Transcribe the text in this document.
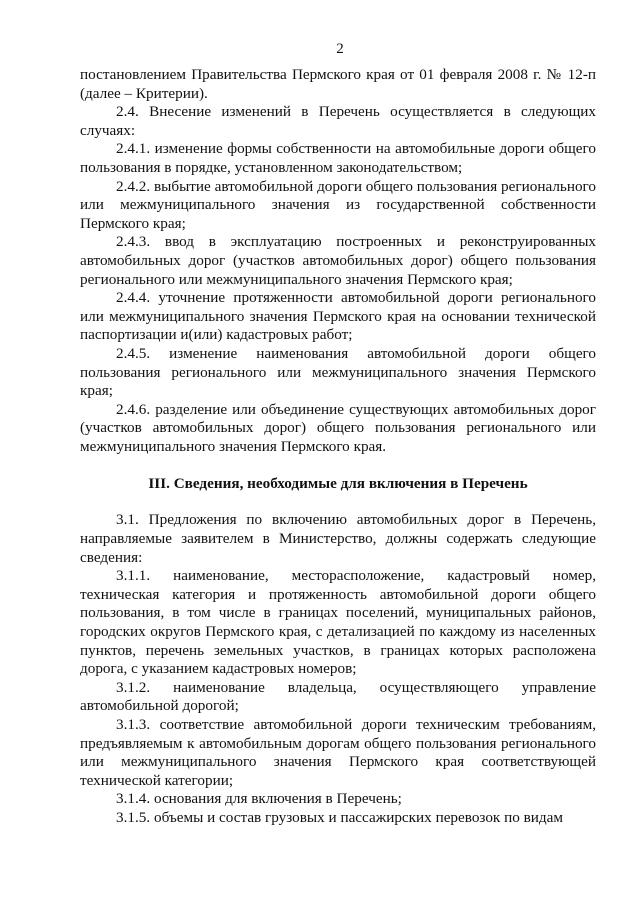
2

постановлением Правительства Пермского края от 01 февраля 2008 г. № 12-п (далее – Критерии).

2.4. Внесение изменений в Перечень осуществляется в следующих случаях:

2.4.1. изменение формы собственности на автомобильные дороги общего пользования в порядке, установленном законодательством;

2.4.2. выбытие автомобильной дороги общего пользования регионального или межмуниципального значения из государственной собственности Пермского края;

2.4.3. ввод в эксплуатацию построенных и реконструированных автомобильных дорог (участков автомобильных дорог) общего пользования регионального или межмуниципального значения Пермского края;

2.4.4. уточнение протяженности автомобильной дороги регионального или межмуниципального значения Пермского края на основании технической паспортизации и(или) кадастровых работ;

2.4.5. изменение наименования автомобильной дороги общего пользования регионального или межмуниципального значения Пермского края;

2.4.6. разделение или объединение существующих автомобильных дорог (участков автомобильных дорог) общего пользования регионального или межмуниципального значения Пермского края.

III. Сведения, необходимые для включения в Перечень

3.1. Предложения по включению автомобильных дорог в Перечень, направляемые заявителем в Министерство, должны содержать следующие сведения:

3.1.1. наименование, месторасположение, кадастровый номер, техническая категория и протяженность автомобильной дороги общего пользования, в том числе в границах поселений, муниципальных районов, городских округов Пермского края, с детализацией по каждому из населенных пунктов, перечень земельных участков, в границах которых расположена дорога, с указанием кадастровых номеров;

3.1.2. наименование владельца, осуществляющего управление автомобильной дорогой;

3.1.3. соответствие автомобильной дороги техническим требованиям, предъявляемым к автомобильным дорогам общего пользования регионального или межмуниципального значения Пермского края соответствующей технической категории;

3.1.4. основания для включения в Перечень;

3.1.5. объемы и состав грузовых и пассажирских перевозок по видам
